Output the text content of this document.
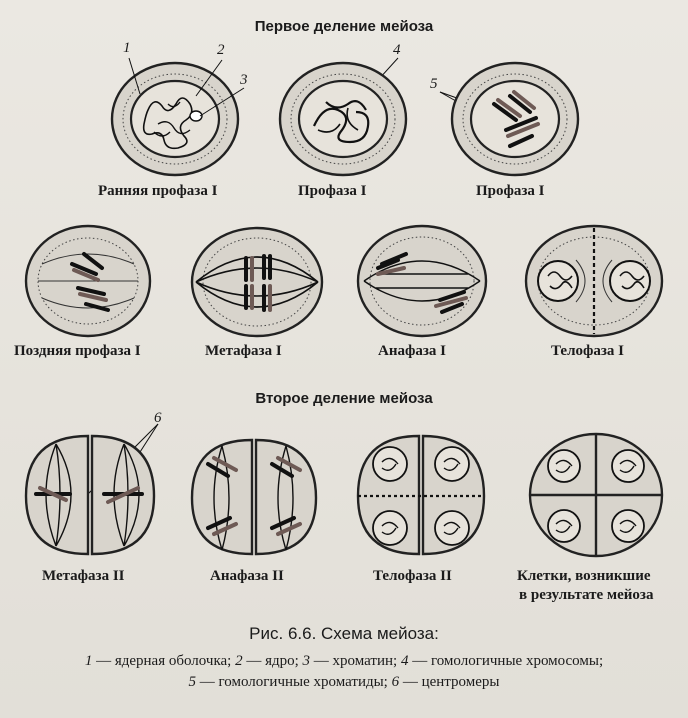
Первое деление мейоза
1	2
3
Ранняя профаза I
4
Профаза I
5
Профаза I
Поздняя профаза I	Метафаза I	Анафаза I	Телофаза I
Второе деление мейоза
6
Метафаза II	Анафаза II	Телофаза II	Клетки, возникшие
в результате мейоза
Рис. 6.6. Схема мейоза:
1 — ядерная оболочка; 2 — ядро; 3 — хроматин; 4 — гомологичные хромосомы;
5 — гомологичные хроматиды; 6 — центромеры
